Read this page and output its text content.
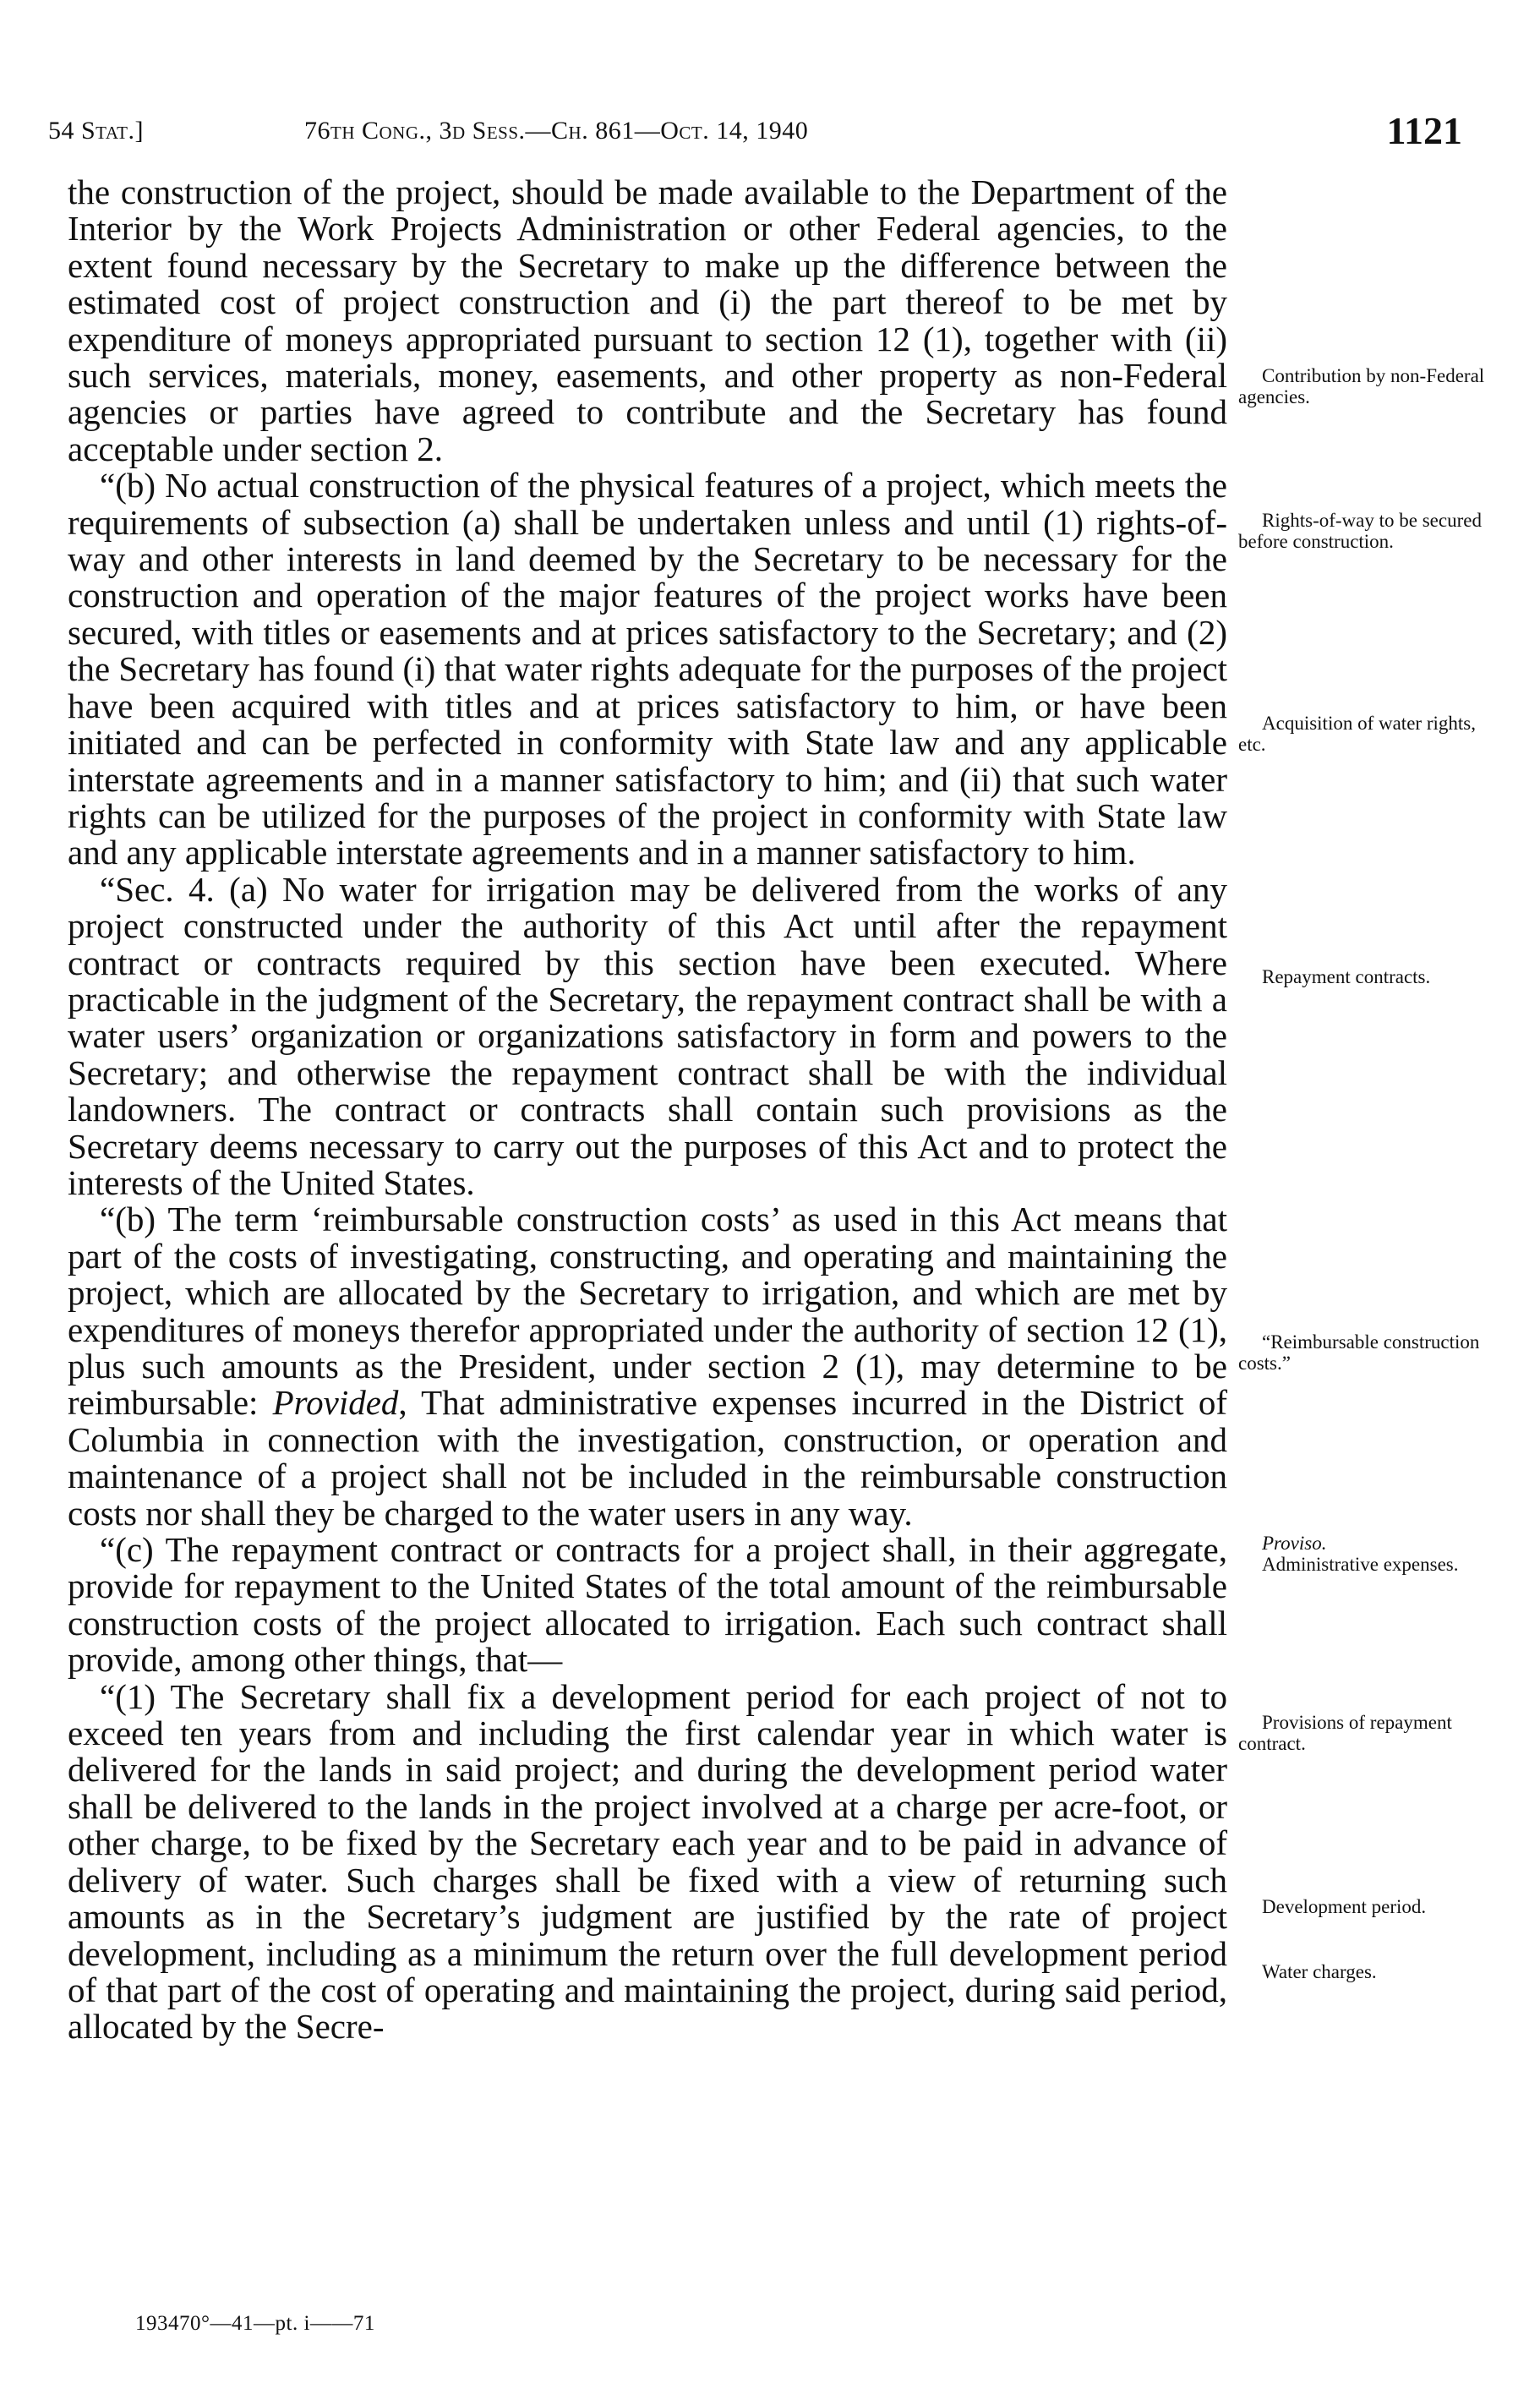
54 Stat.]	76th Cong., 3d Sess.—Ch. 861—Oct. 14, 1940	1121

the construction of the project, should be made available to the Department of the Interior by the Work Projects Administration or other Federal agencies, to the extent found necessary by the Secretary to make up the difference between the estimated cost of project construction and (i) the part thereof to be met by expenditure of moneys appropriated pursuant to section 12 (1), together with (ii) such services, materials, money, easements, and other property as non-Federal agencies or parties have agreed to contribute and the Secretary has found acceptable under section 2.

“(b) No actual construction of the physical features of a project, which meets the requirements of subsection (a) shall be undertaken unless and until (1) rights-of-way and other interests in land deemed by the Secretary to be necessary for the construction and operation of the major features of the project works have been secured, with titles or easements and at prices satisfactory to the Secretary; and (2) the Secretary has found (i) that water rights adequate for the purposes of the project have been acquired with titles and at prices satisfactory to him, or have been initiated and can be perfected in conformity with State law and any applicable interstate agreements and in a manner satisfactory to him; and (ii) that such water rights can be utilized for the purposes of the project in conformity with State law and any applicable interstate agreements and in a manner satisfactory to him.

“Sec. 4. (a) No water for irrigation may be delivered from the works of any project constructed under the authority of this Act until after the repayment contract or contracts required by this section have been executed. Where practicable in the judgment of the Secretary, the repayment contract shall be with a water users’ organization or organizations satisfactory in form and powers to the Secretary; and otherwise the repayment contract shall be with the individual landowners. The contract or contracts shall contain such provisions as the Secretary deems necessary to carry out the purposes of this Act and to protect the interests of the United States.

“(b) The term ‘reimbursable construction costs’ as used in this Act means that part of the costs of investigating, constructing, and operating and maintaining the project, which are allocated by the Secretary to irrigation, and which are met by expenditures of moneys therefor appropriated under the authority of section 12 (1), plus such amounts as the President, under section 2 (1), may determine to be reimbursable: Provided, That administrative expenses incurred in the District of Columbia in connection with the investigation, construction, or operation and maintenance of a project shall not be included in the reimbursable construction costs nor shall they be charged to the water users in any way.

“(c) The repayment contract or contracts for a project shall, in their aggregate, provide for repayment to the United States of the total amount of the reimbursable construction costs of the project allocated to irrigation. Each such contract shall provide, among other things, that—

“(1) The Secretary shall fix a development period for each project of not to exceed ten years from and including the first calendar year in which water is delivered for the lands in said project; and during the development period water shall be delivered to the lands in the project involved at a charge per acre-foot, or other charge, to be fixed by the Secretary each year and to be paid in advance of delivery of water. Such charges shall be fixed with a view of returning such amounts as in the Secretary’s judgment are justified by the rate of project development, including as a minimum the return over the full development period of that part of the cost of operating and maintaining the project, during said period, allocated by the Secre-

Contribution by non-Federal agencies.
Rights-of-way to be secured before construction.
Acquisition of water rights, etc.
Repayment contracts.
“Reimbursable construction costs.”
Proviso.
Administrative expenses.
Provisions of repayment contract.
Development period.
Water charges.
193470°—41—pt. i——71
